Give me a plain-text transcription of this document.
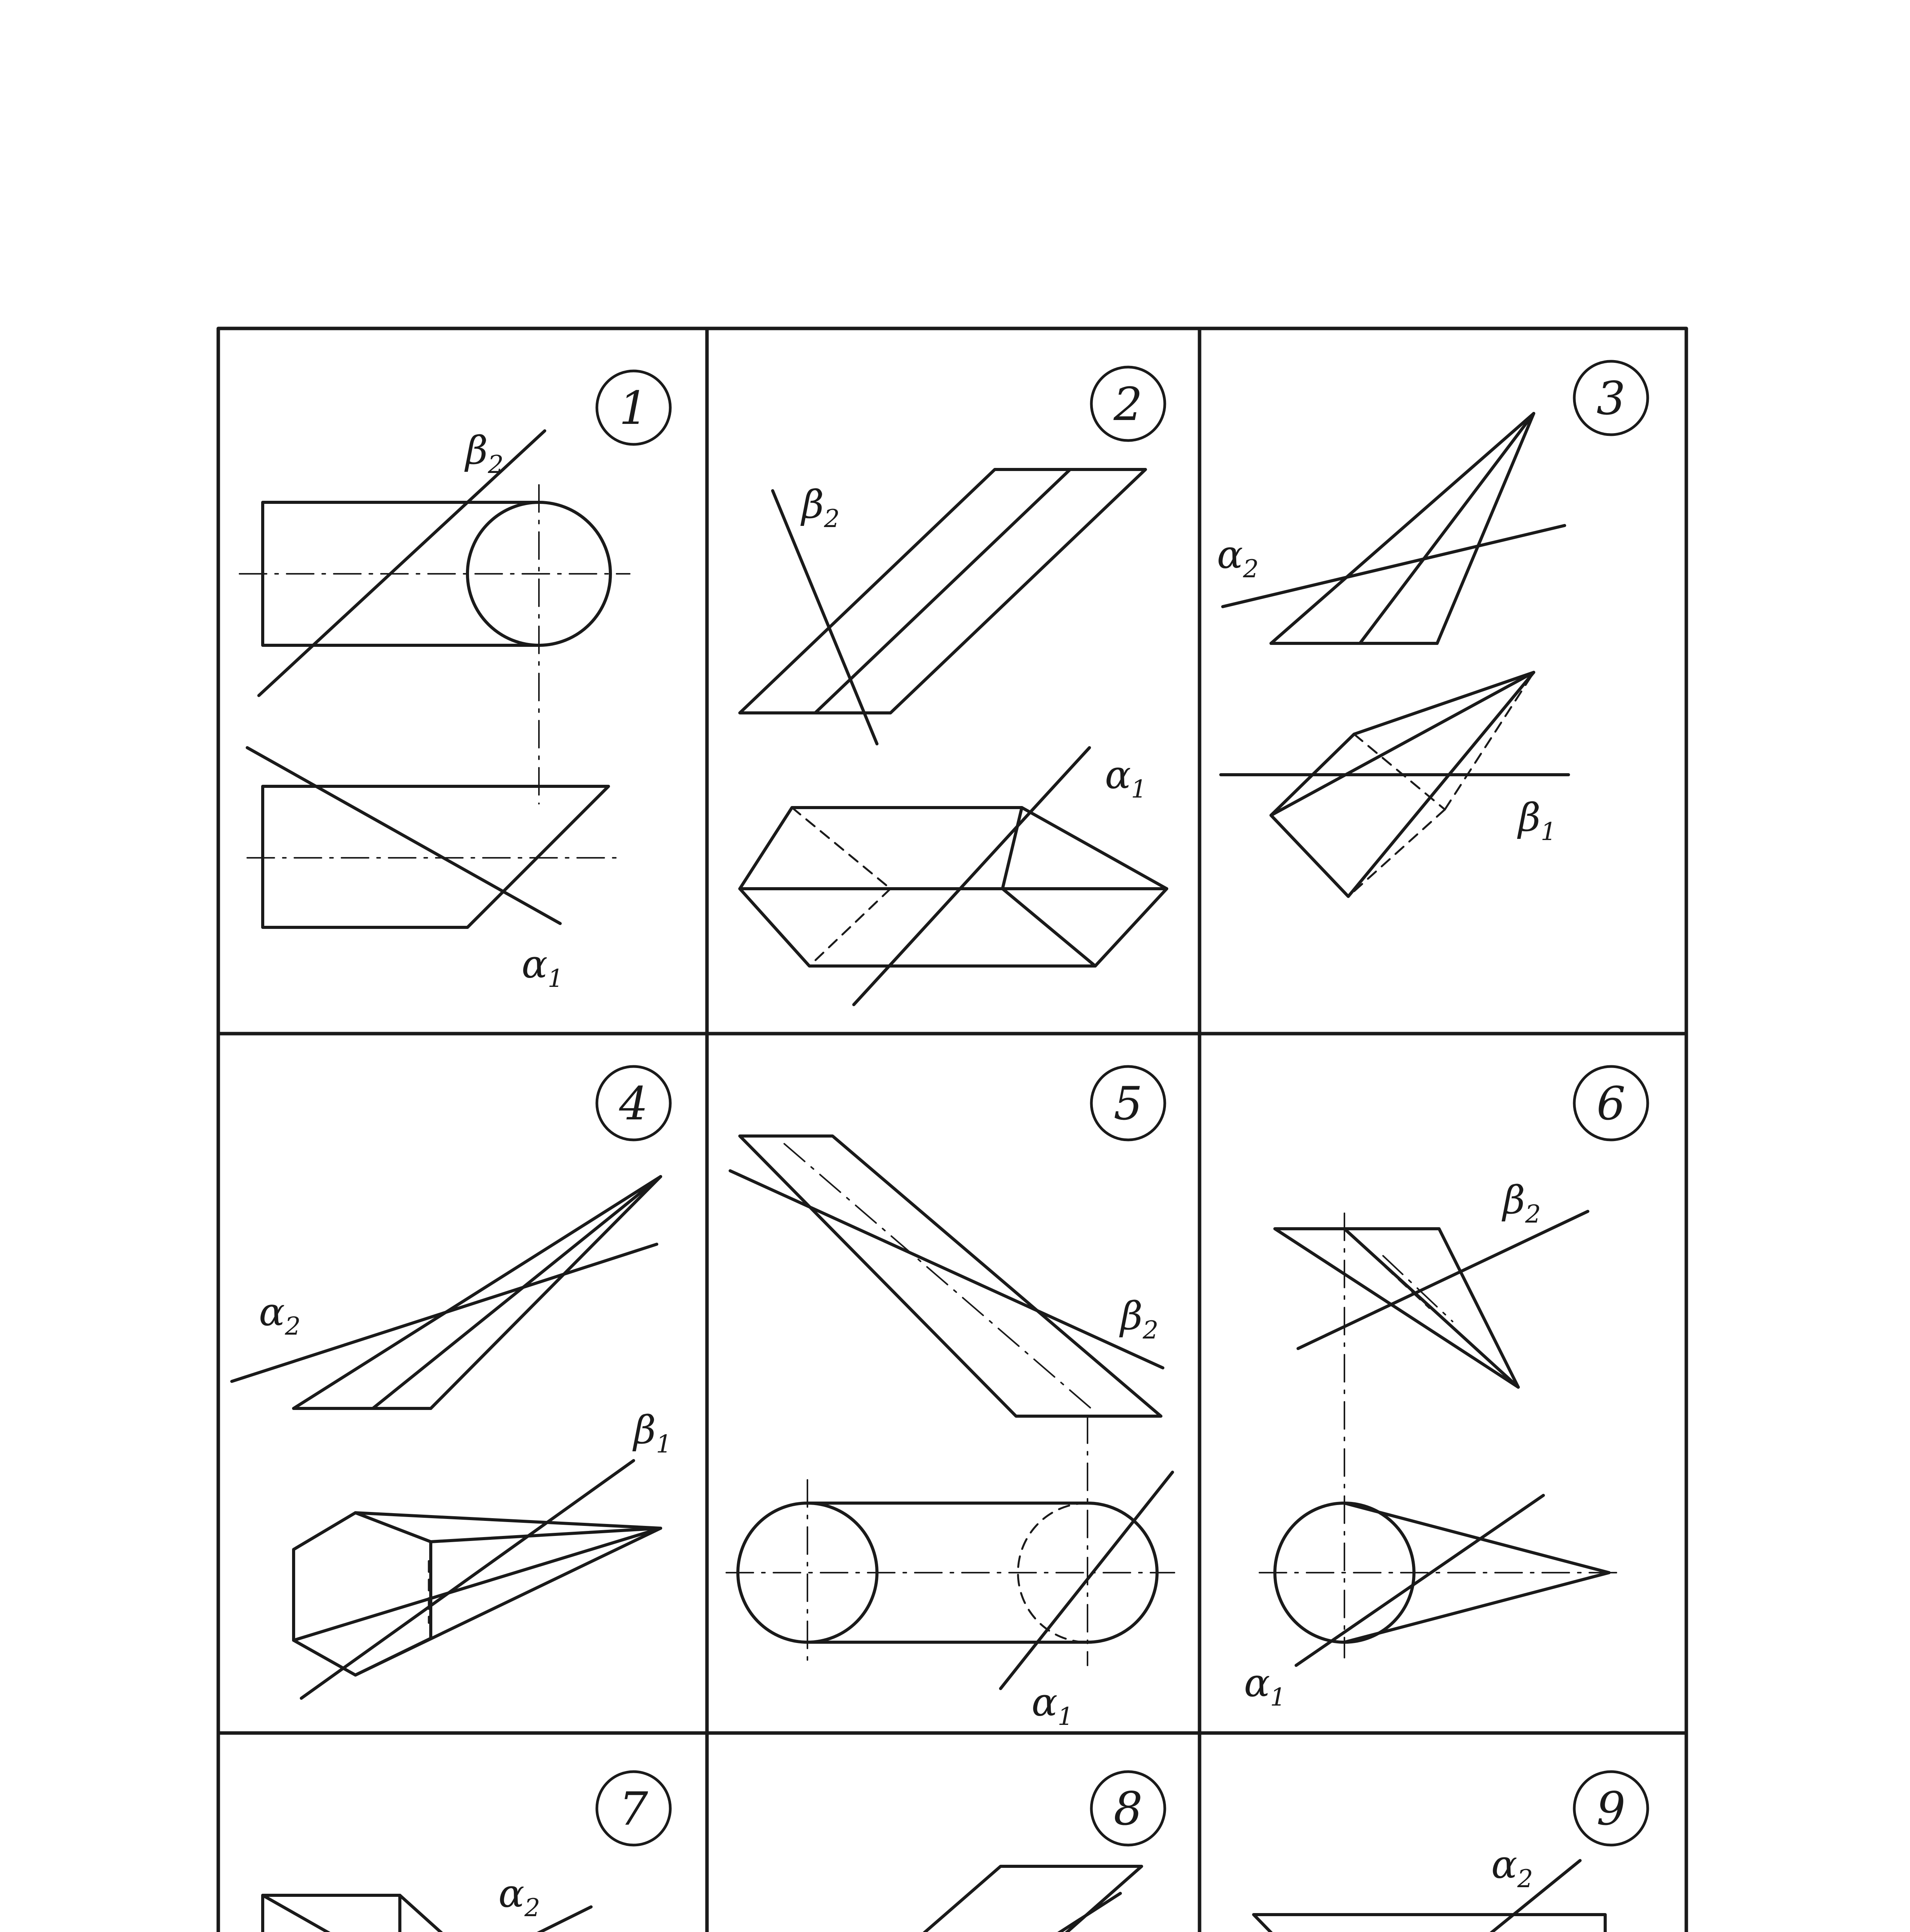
1	2	3
4	5	6
7	8	9
$\beta_2$
$\alpha_1$
$\beta_2$
$\alpha_1$
$\alpha_2$
$\beta_1$
$\alpha_2$
$\beta_1$
$\beta_2$
$\alpha_1$
$\beta_2$
$\alpha_1$
$\alpha_2$
$\alpha_2$
